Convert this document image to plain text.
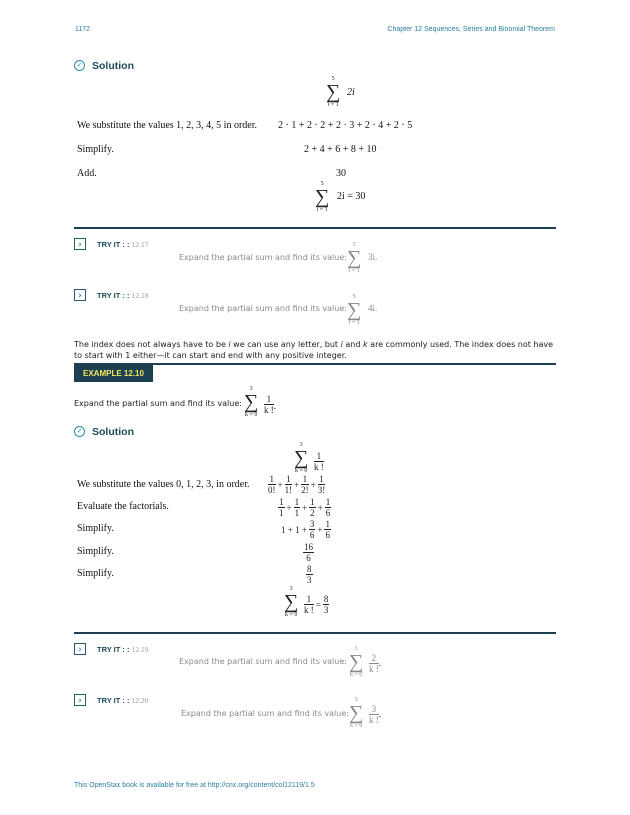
1172	Chapter 12 Sequences, Series and Binomial Theorem
✓ Solution
5
∑
i = 1
2i
We substitute the values 1, 2, 3, 4, 5 in order. 2 · 1 + 2 · 2 + 2 · 3 + 2 · 4 + 2 · 5
Simplify.	2 + 4 + 6 + 8 + 10
Add.	30
5
∑
i = 1
2i = 30
›	TRY IT : : 12.17
Expand the partial sum and find its value:
5
∑
i = 1
3i.
›	TRY IT : : 12.18
Expand the partial sum and find its value:
5
∑
i = 1
4i.
The index does not always have to be i we can use any letter, but i and k are commonly used. The index does not have to start with 1 either—it can start and end with any positive integer.
EXAMPLE 12.10
Expand the partial sum and find its value:
3
∑
$k = 0 \frac{1}{k !}$ .
✓ Solution
3
∑
$k = 0 \frac{1}{k !}$
We substitute the values 0, 1, 2, 3, in order. $\frac{1}{0!} + \frac{1}{1!} + \frac{1}{2!} + \frac{1}{3!}$
Evaluate the factorials.	$\frac{1}{1} + \frac{1}{1} + \frac{1}{2} + \frac{1}{6}$
Simplify.	$1 + 1 + \frac{3}{6} + \frac{1}{6}$
Simplify.	$\frac{16}{6}$
Simplify.	$\frac{8}{3}$
3
∑
$k = 0 \frac{1}{k !} = \frac{8}{3}$
›	TRY IT : : 12.19
Expand the partial sum and find its value:
3
∑
k = 0
$\frac{2}{k !}$ .
›	TRY IT : : 12.20
Expand the partial sum and find its value:
3
∑
k = 0
$\frac{3}{k !}$ .
This OpenStax book is available for free at http://cnx.org/content/col12119/1.5
